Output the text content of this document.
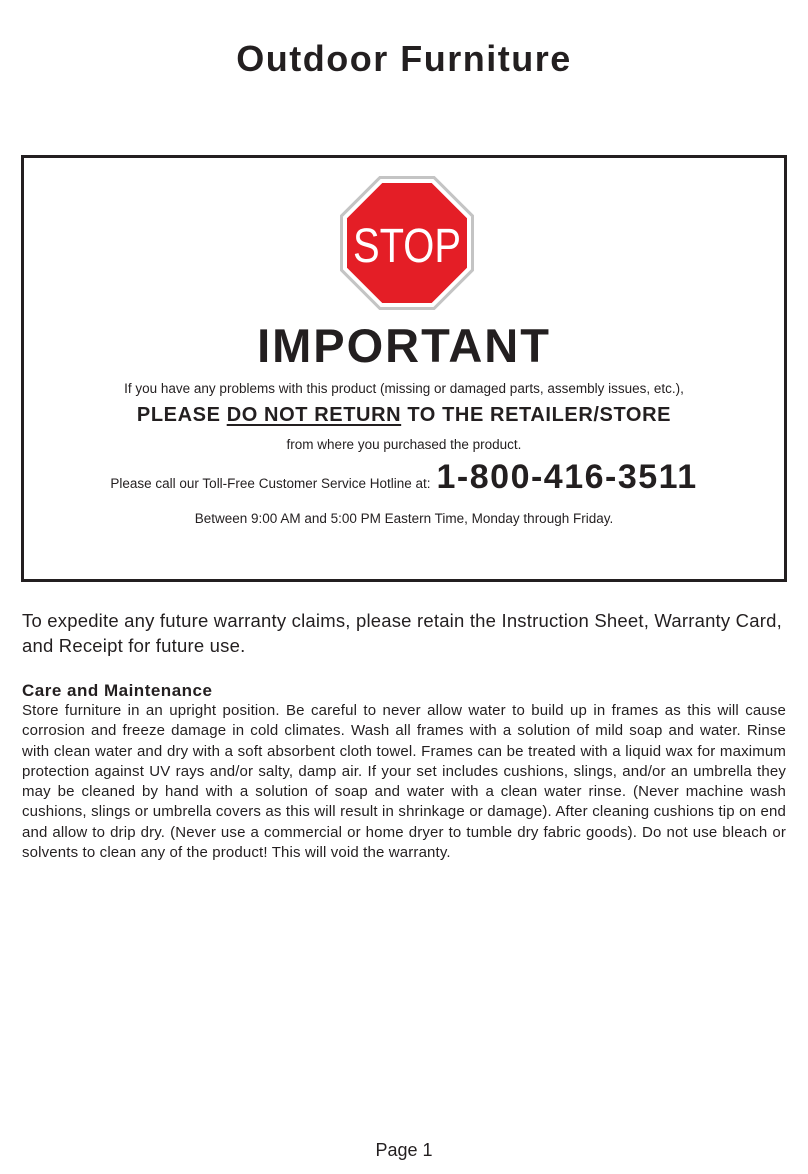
Outdoor Furniture
STOP
IMPORTANT
If you have any problems with this product (missing or damaged parts, assembly issues, etc.),
PLEASE DO NOT RETURN TO THE RETAILER/STORE
from where you purchased the product.
Please call our Toll-Free Customer Service Hotline at: 1-800-416-3511
Between 9:00 AM and 5:00 PM Eastern Time, Monday through Friday.
To expedite any future warranty claims, please retain the Instruction Sheet, Warranty Card, and Receipt for future use.
Care and Maintenance
Store furniture in an upright position. Be careful to never allow water to build up in frames as this will cause corrosion and freeze damage in cold climates. Wash all frames with a solution of mild soap and water. Rinse with clean water and dry with a soft absorbent cloth towel. Frames can be treated with a liquid wax for maximum protection against UV rays and/or salty, damp air. If your set includes cushions, slings, and/or an umbrella they may be cleaned by hand with a solution of soap and water with a clean water rinse. (Never machine wash cushions, slings or umbrella covers as this will result in shrinkage or damage). After cleaning cushions tip on end and allow to drip dry. (Never use a commercial or home dryer to tumble dry fabric goods). Do not use bleach or solvents to clean any of the product! This will void the warranty.
Page 1
